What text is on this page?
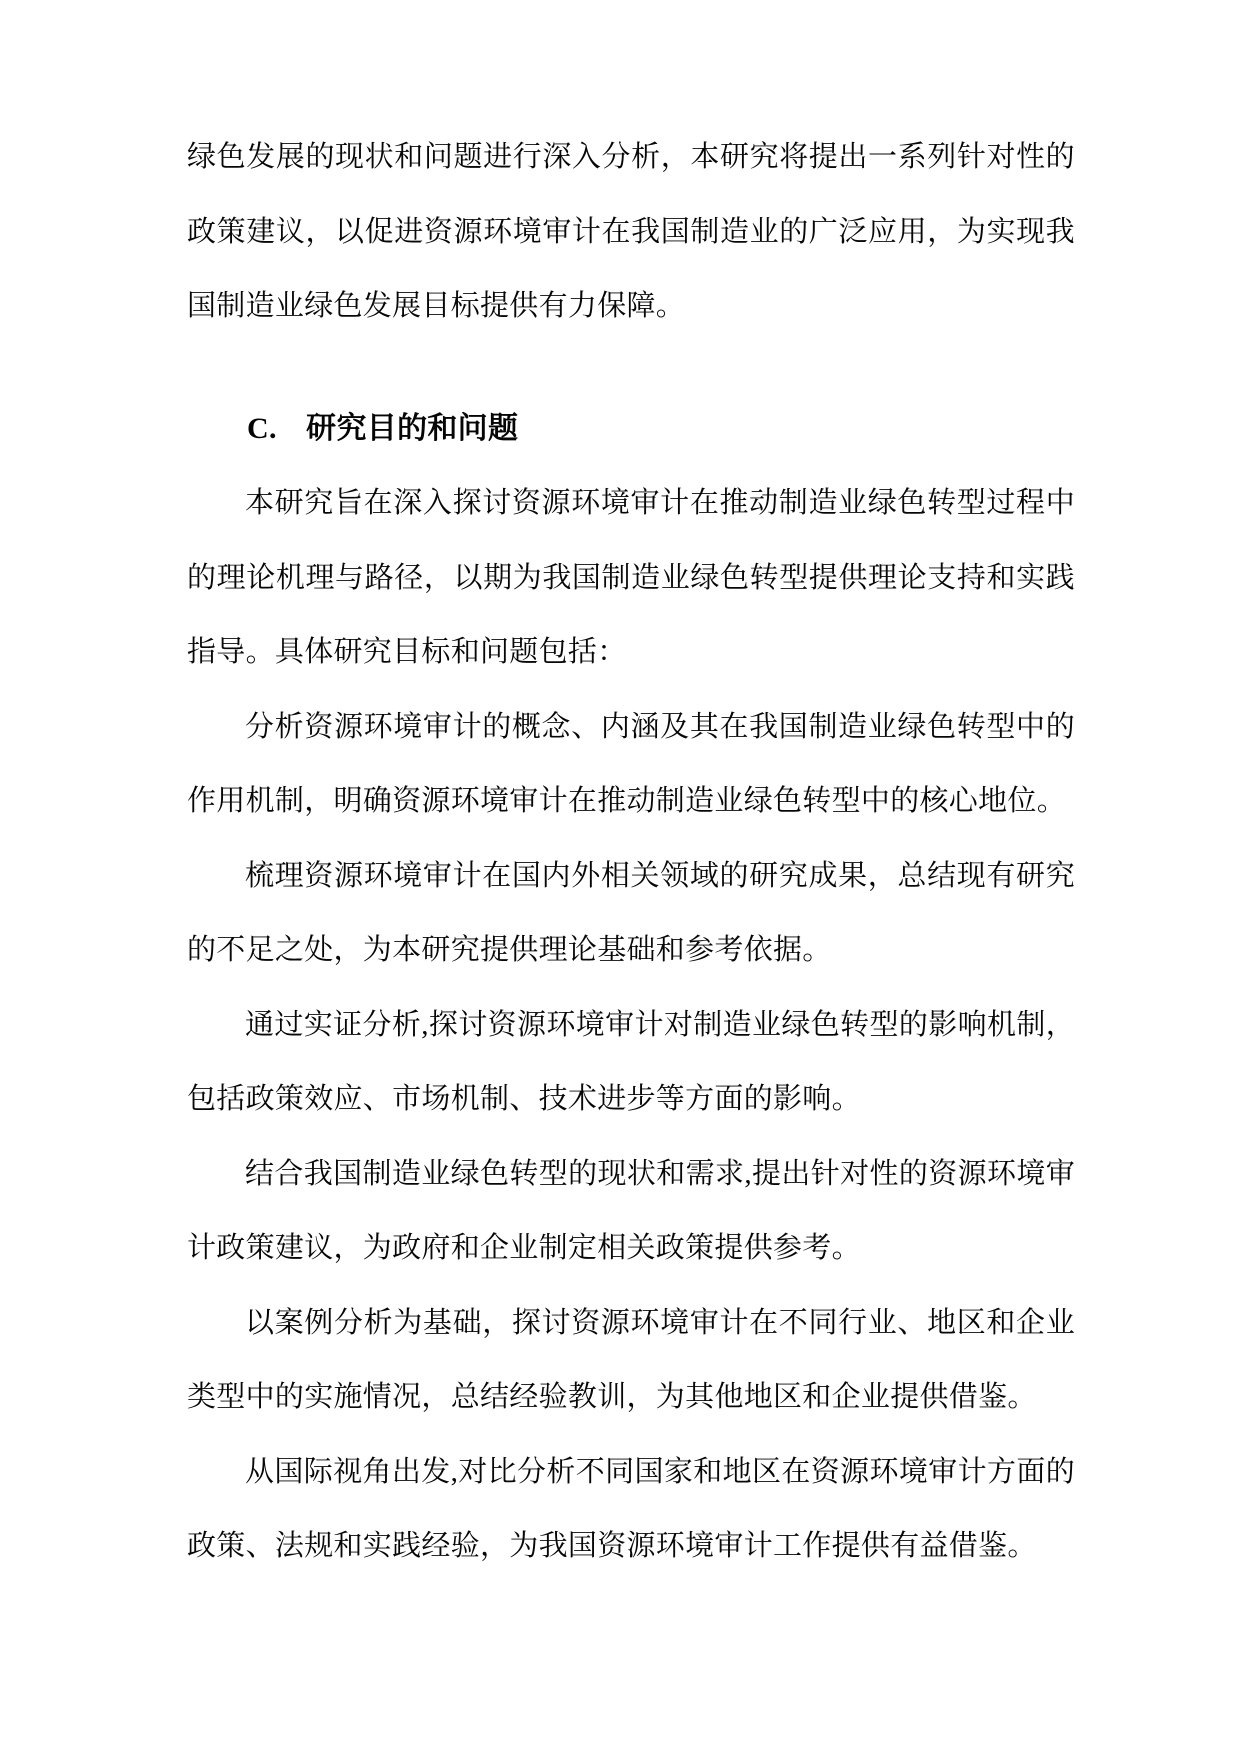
绿色发展的现状和问题进行深入分析，本研究将提出一系列针对性的政策建议，以促进资源环境审计在我国制造业的广泛应用，为实现我国制造业绿色发展目标提供有力保障。

C. 研究目的和问题

本研究旨在深入探讨资源环境审计在推动制造业绿色转型过程中的理论机理与路径，以期为我国制造业绿色转型提供理论支持和实践指导。具体研究目标和问题包括：

分析资源环境审计的概念、内涵及其在我国制造业绿色转型中的作用机制，明确资源环境审计在推动制造业绿色转型中的核心地位。

梳理资源环境审计在国内外相关领域的研究成果，总结现有研究的不足之处，为本研究提供理论基础和参考依据。

通过实证分析,探讨资源环境审计对制造业绿色转型的影响机制，包括政策效应、市场机制、技术进步等方面的影响。

结合我国制造业绿色转型的现状和需求,提出针对性的资源环境审计政策建议，为政府和企业制定相关政策提供参考。

以案例分析为基础，探讨资源环境审计在不同行业、地区和企业类型中的实施情况，总结经验教训，为其他地区和企业提供借鉴。

从国际视角出发,对比分析不同国家和地区在资源环境审计方面的政策、法规和实践经验，为我国资源环境审计工作提供有益借鉴。
